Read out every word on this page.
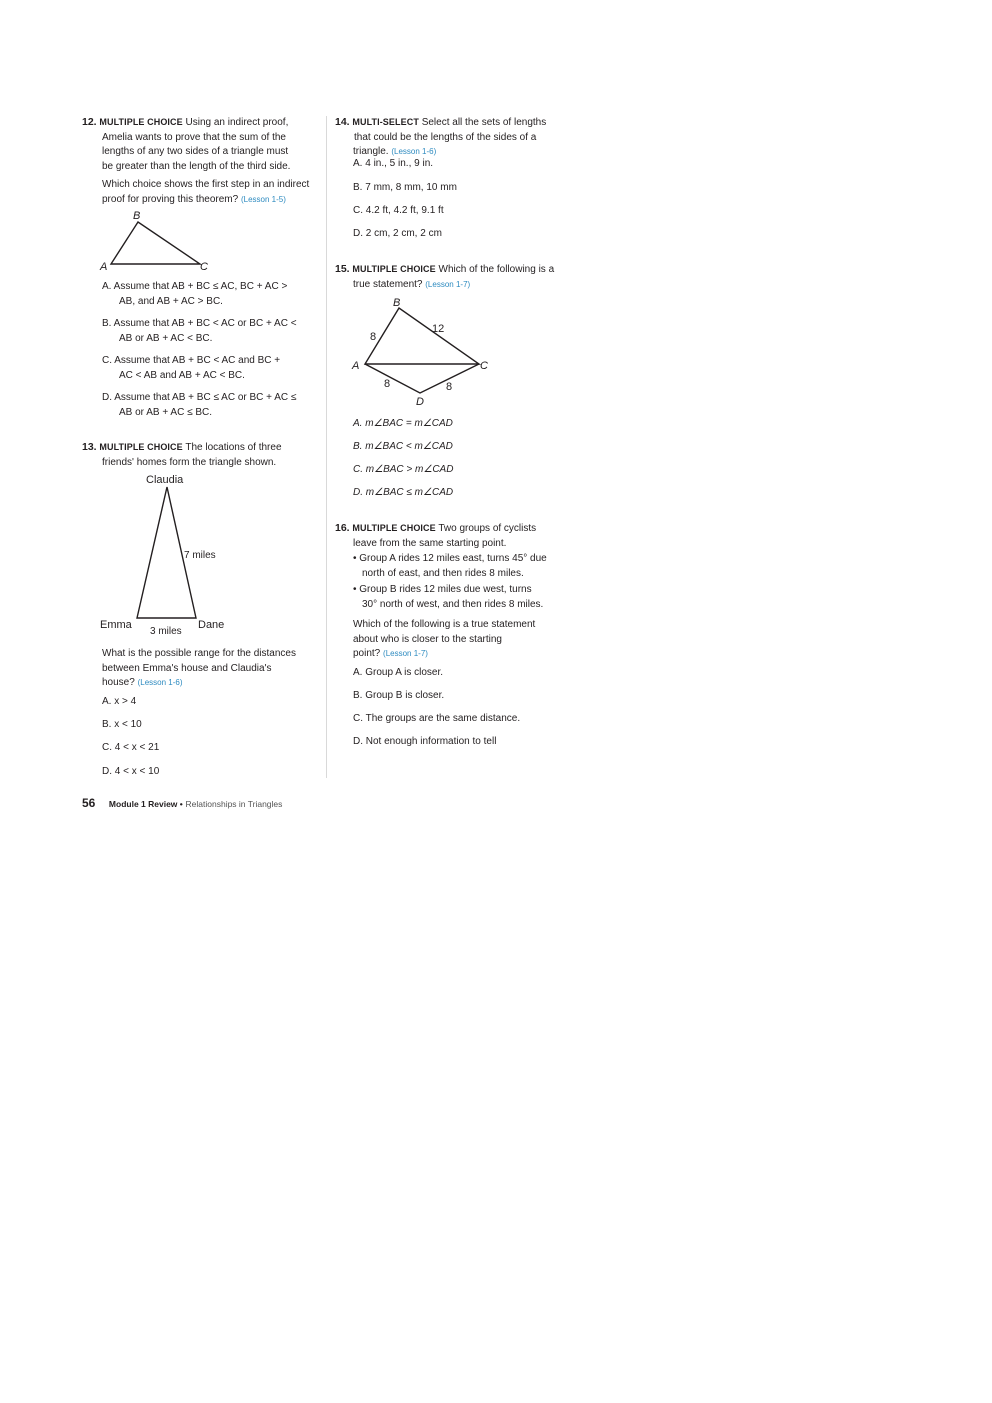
12. MULTIPLE CHOICE Using an indirect proof,
Amelia wants to prove that the sum of the
lengths of any two sides of a triangle must
be greater than the length of the third side.
Which choice shows the first step in an indirect
proof for proving this theorem? (Lesson 1-5)
B
A	C
A. Assume that AB + BC ≤ AC, BC + AC >
AB, and AB + AC > BC.
B. Assume that AB + BC < AC or BC + AC <
AB or AB + AC < BC.
C. Assume that AB + BC < AC and BC +
AC < AB and AB + AC < BC.
D. Assume that AB + BC ≤ AC or BC + AC ≤
AB or AB + AC ≤ BC.
13. MULTIPLE CHOICE The locations of three
friends' homes form the triangle shown.
Claudia
Emma	Dane
7 miles
3 miles
What is the possible range for the distances
between Emma's house and Claudia's
house? (Lesson 1-6)
A. x > 4
B. x < 10
C. 4 < x < 21
D. 4 < x < 10
14. MULTI-SELECT Select all the sets of lengths
that could be the lengths of the sides of a
triangle. (Lesson 1-6)
A. 4 in., 5 in., 9 in.
B. 7 mm, 8 mm, 10 mm
C. 4.2 ft, 4.2 ft, 9.1 ft
D. 2 cm, 2 cm, 2 cm
15. MULTIPLE CHOICE Which of the following is a
true statement? (Lesson 1-7)
B
A	C
D
8
12
8	8
A. m∠BAC = m∠CAD
B. m∠BAC < m∠CAD
C. m∠BAC > m∠CAD
D. m∠BAC ≤ m∠CAD
16. MULTIPLE CHOICE Two groups of cyclists
leave from the same starting point.
• Group A rides 12 miles east, turns 45° due
north of east, and then rides 8 miles.
• Group B rides 12 miles due west, turns
30° north of west, and then rides 8 miles.
Which of the following is a true statement
about who is closer to the starting
point? (Lesson 1-7)
A. Group A is closer.
B. Group B is closer.
C. The groups are the same distance.
D. Not enough information to tell
56 Module 1 Review • Relationships in Triangles
